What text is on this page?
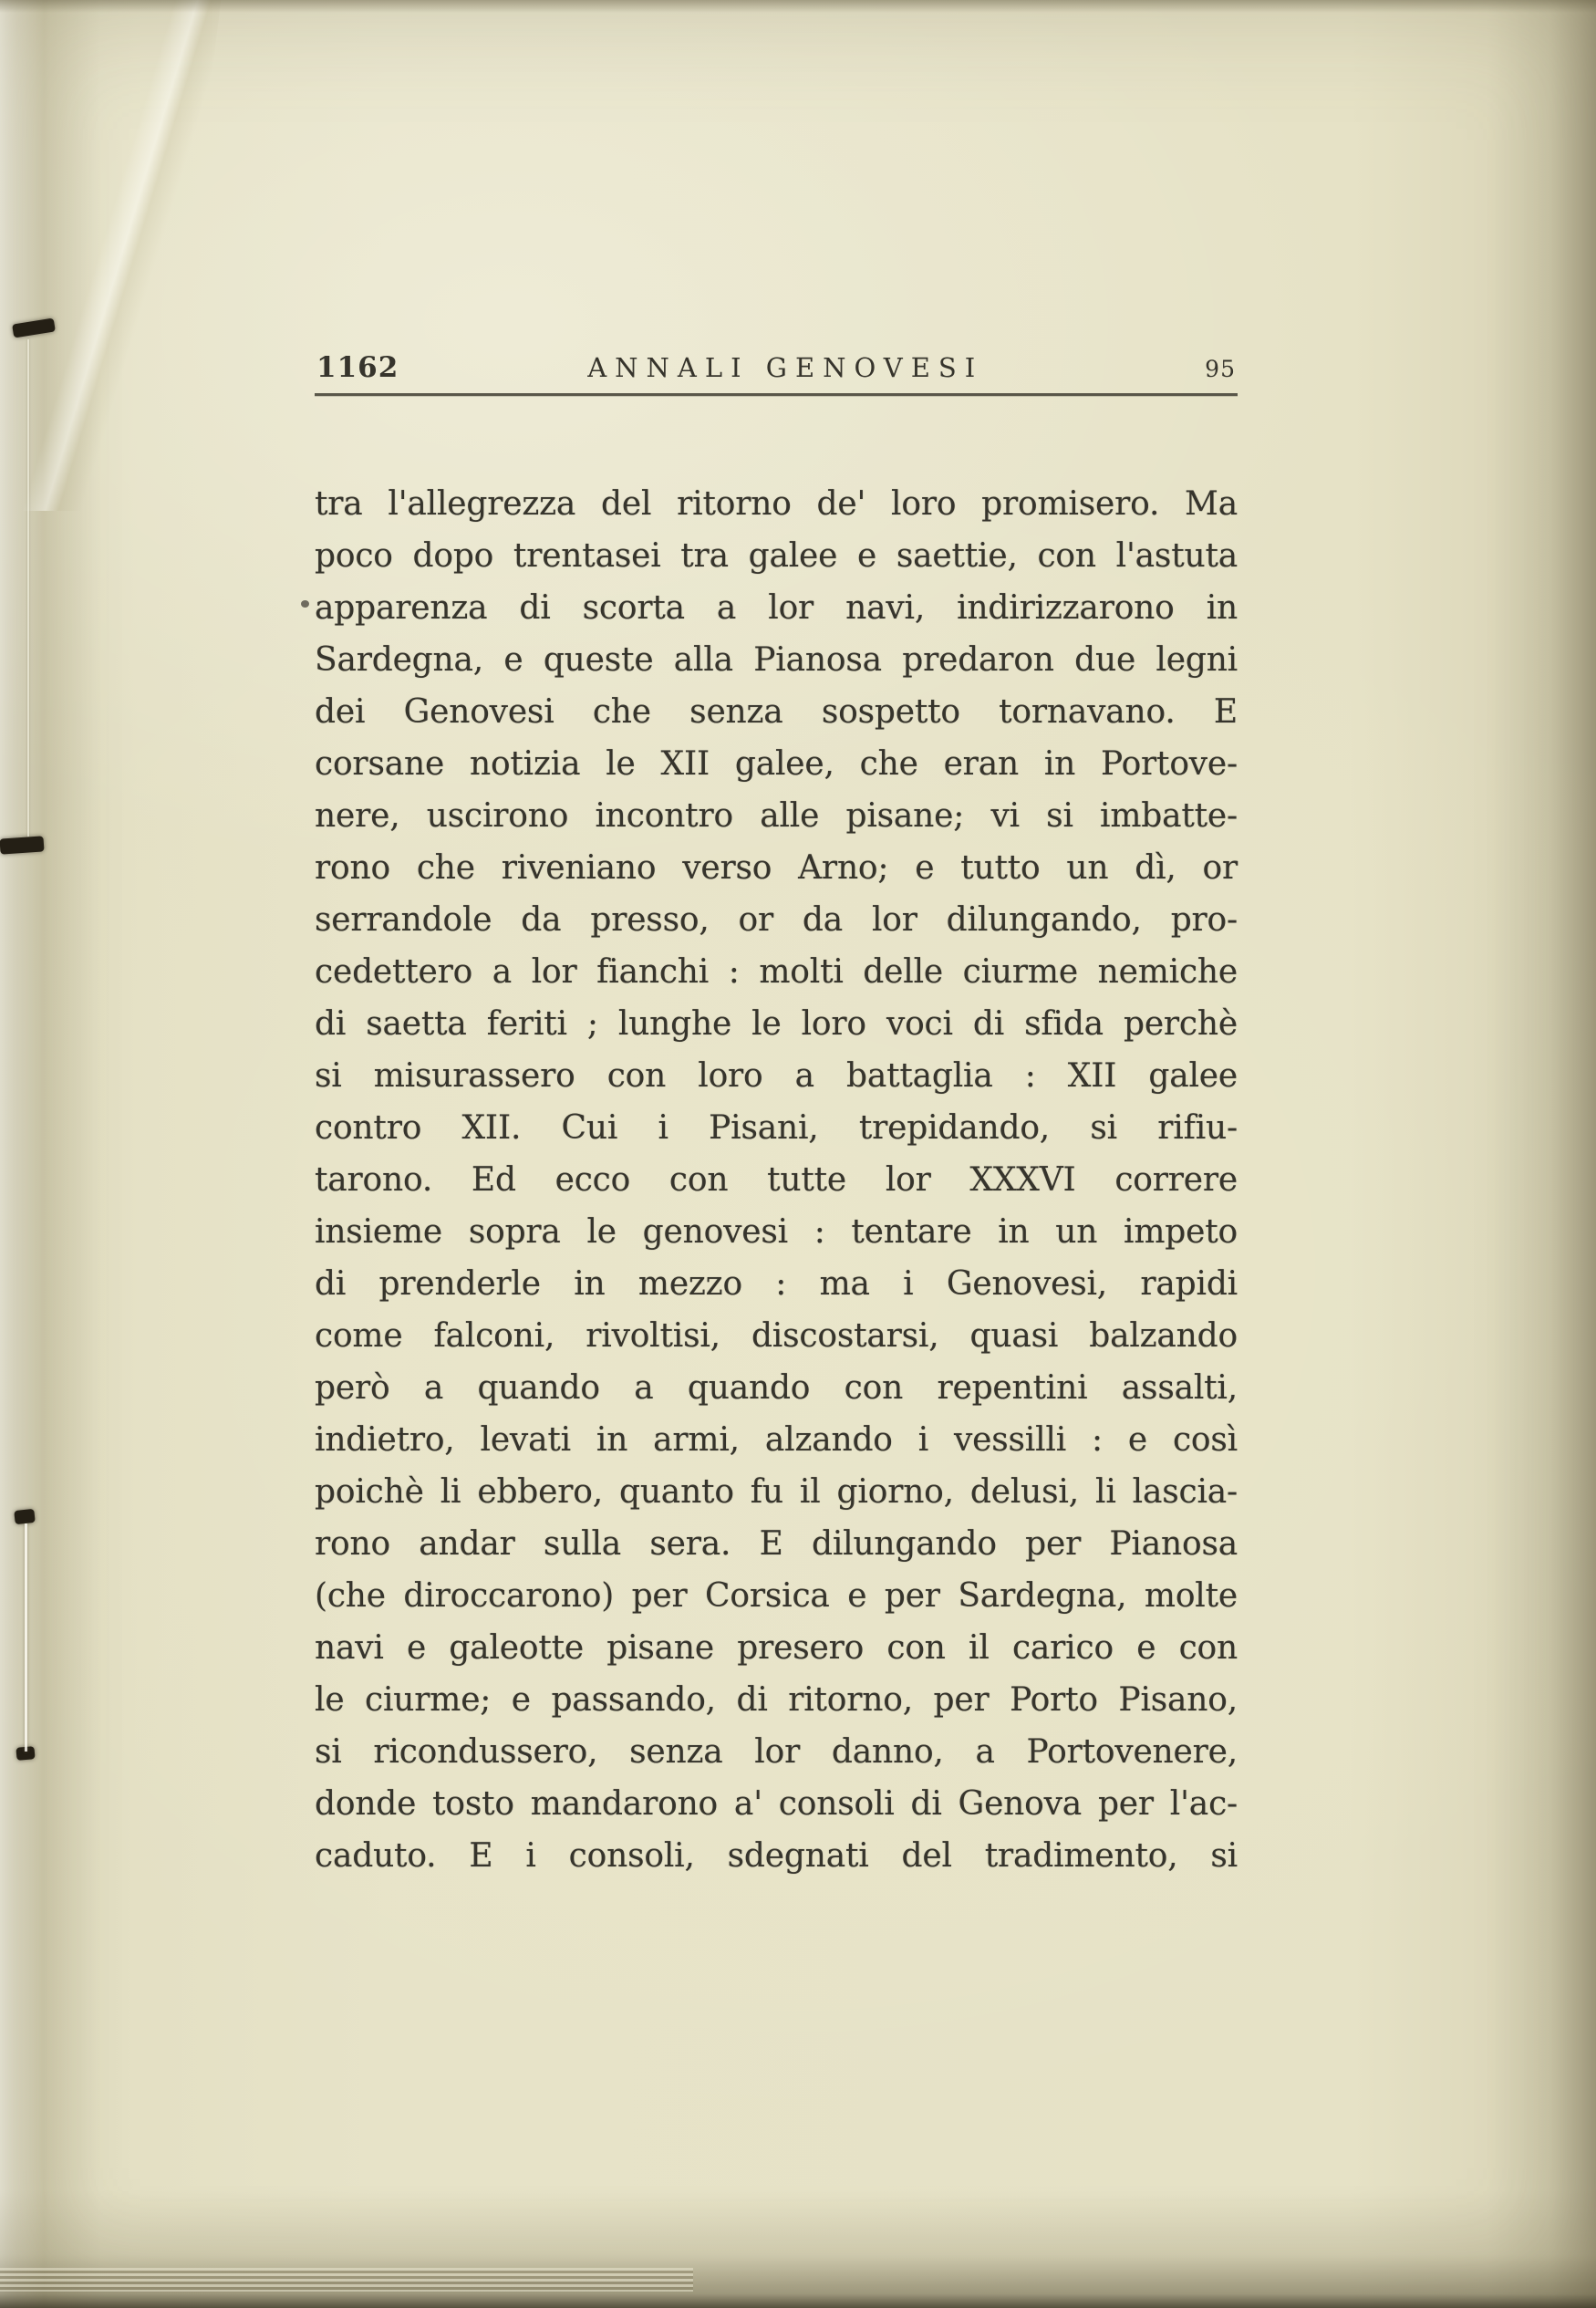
1162	ANNALI GENOVESI	95
tra l'allegrezza del ritorno de' loro promisero. Ma
poco dopo trentasei tra galee e saettie, con l'astuta
apparenza di scorta a lor navi, indirizzarono in
Sardegna, e queste alla Pianosa predaron due legni
dei Genovesi che senza sospetto tornavano. E
corsane notizia le XII galee, che eran in Portove-
nere, uscirono incontro alle pisane; vi si imbatte-
rono che riveniano verso Arno; e tutto un dì, or
serrandole da presso, or da lor dilungando, pro-
cedettero a lor fianchi : molti delle ciurme nemiche
di saetta feriti ; lunghe le loro voci di sfida perchè
si misurassero con loro a battaglia : XII galee
contro XII. Cui i Pisani, trepidando, si rifiu-
tarono. Ed ecco con tutte lor XXXVI correre
insieme sopra le genovesi : tentare in un impeto
di prenderle in mezzo : ma i Genovesi, rapidi
come falconi, rivoltisi, discostarsi, quasi balzando
però a quando a quando con repentini assalti,
indietro, levati in armi, alzando i vessilli : e così
poichè li ebbero, quanto fu il giorno, delusi, li lascia-
rono andar sulla sera. E dilungando per Pianosa
(che diroccarono) per Corsica e per Sardegna, molte
navi e galeotte pisane presero con il carico e con
le ciurme; e passando, di ritorno, per Porto Pisano,
si ricondussero, senza lor danno, a Portovenere,
donde tosto mandarono a' consoli di Genova per l'ac-
caduto. E i consoli, sdegnati del tradimento, si
